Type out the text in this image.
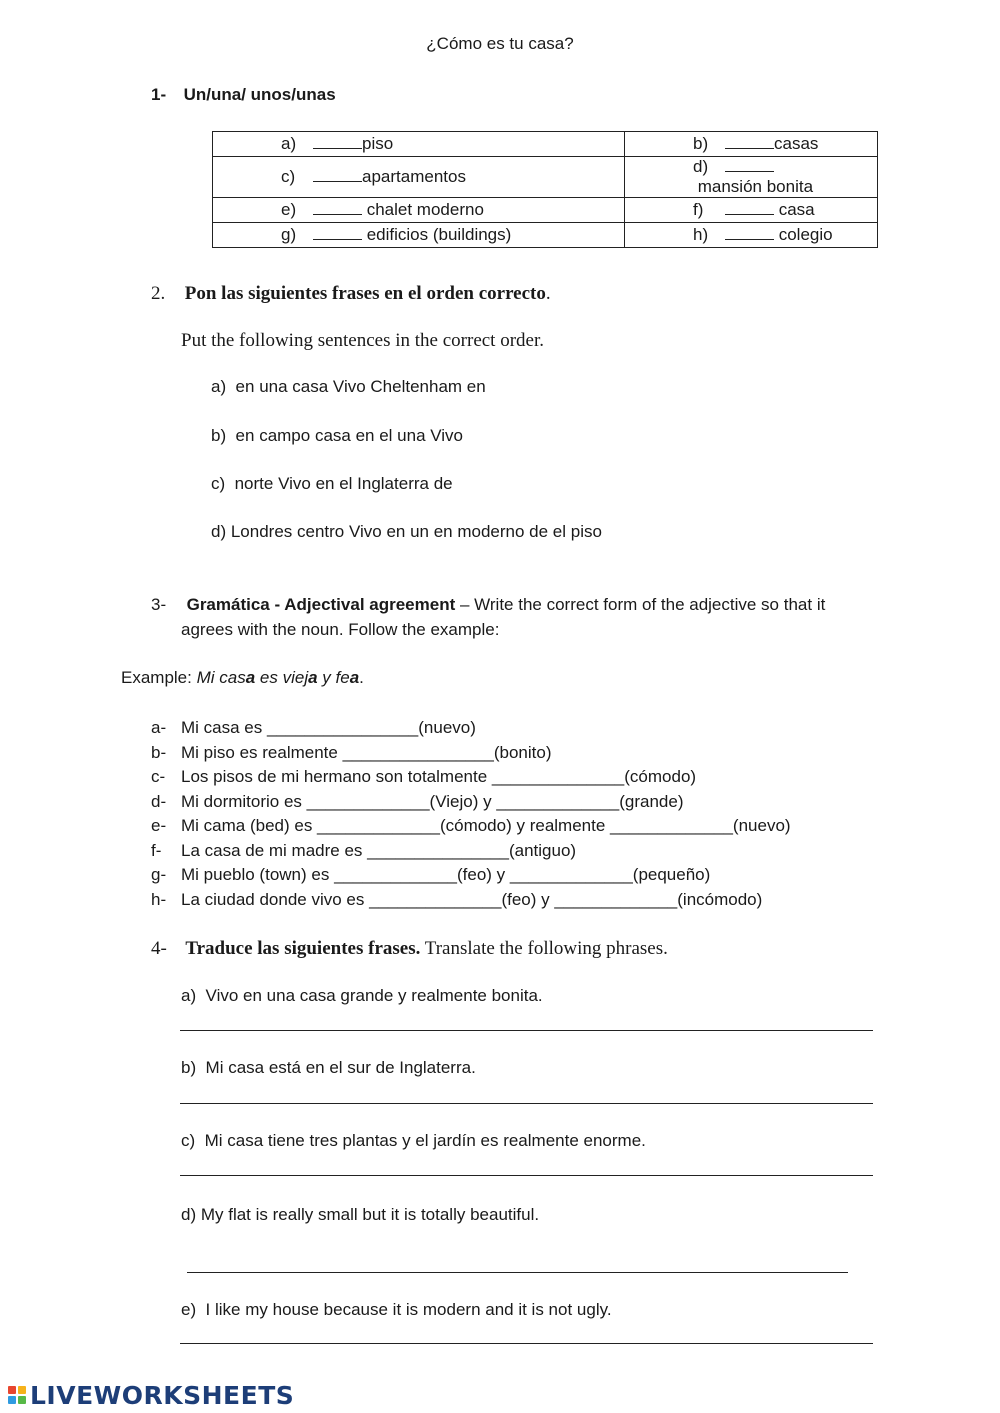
¿Cómo es tu casa?
1- Un/una/ unos/unas
a) piso	b) casas
c) apartamentos	d) mansión bonita
e) chalet moderno	f) casa
g) edificios (buildings)	h) colegio
2. Pon las siguientes frases en el orden correcto.
Put the following sentences in the correct order.
a)  en una casa Vivo Cheltenham en
b)  en campo casa en el una Vivo
c)  norte Vivo en el Inglaterra de
d) Londres centro Vivo en un en moderno de el piso
3- Gramática - Adjectival agreement – Write the correct form of the adjective so that it
agrees with the noun. Follow the example:
Example: Mi casa es vieja y fea.
a- Mi casa es ________________(nuevo)
b- Mi piso es realmente ________________(bonito)
c- Los pisos de mi hermano son totalmente ______________(cómodo)
d- Mi dormitorio es _____________(Viejo) y _____________(grande)
e- Mi cama (bed) es _____________(cómodo) y realmente _____________(nuevo)
f- La casa de mi madre es _______________(antiguo)
g- Mi pueblo (town) es _____________(feo) y _____________(pequeño)
h- La ciudad donde vivo es ______________(feo) y _____________(incómodo)
4- Traduce las siguientes frases. Translate the following phrases.
a)  Vivo en una casa grande y realmente bonita.
b)  Mi casa está en el sur de Inglaterra.
c)  Mi casa tiene tres plantas y el jardín es realmente enorme.
d) My flat is really small but it is totally beautiful.
e)  I like my house because it is modern and it is not ugly.
LIVEWORKSHEETS
